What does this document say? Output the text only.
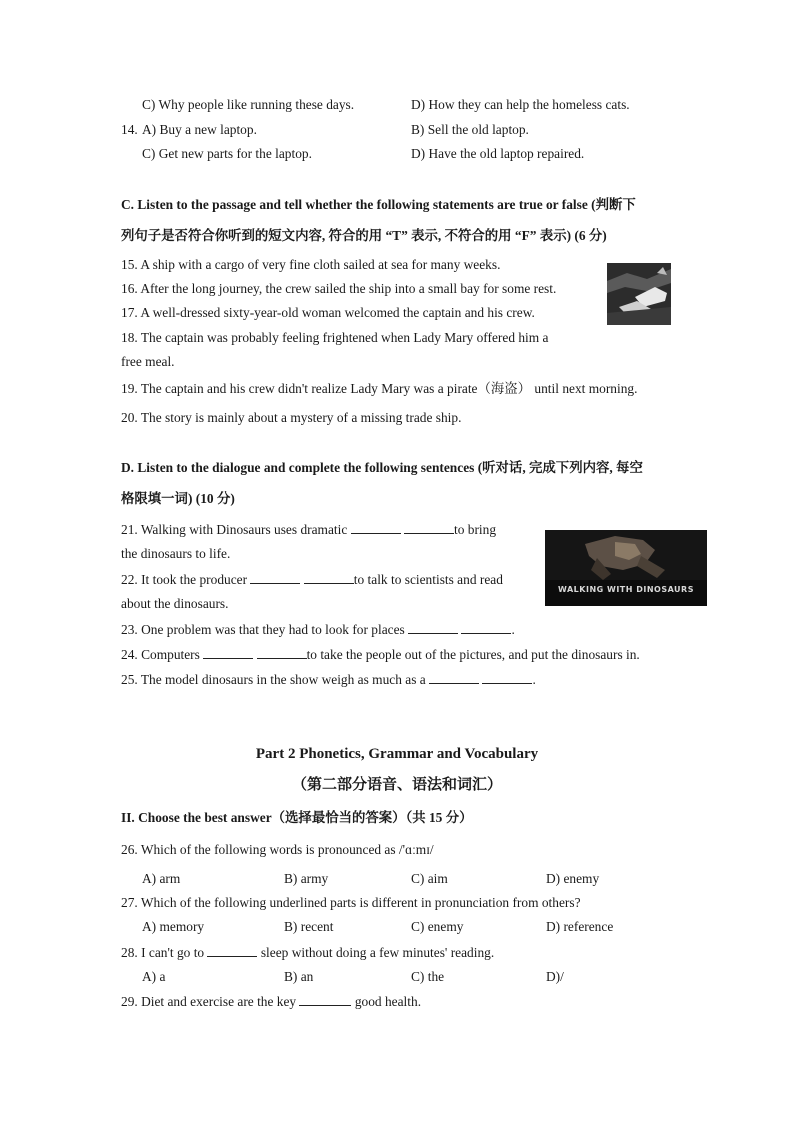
C) Why people like running these days.	D) How they can help the homeless cats.
14. A) Buy a new laptop.	B) Sell the old laptop.
C) Get new parts for the laptop.	D) Have the old laptop repaired.
C. Listen to the passage and tell whether the following statements are true or false (判断下
列句子是否符合你听到的短文内容, 符合的用 “T” 表示, 不符合的用 “F” 表示) (6 分)
15. A ship with a cargo of very fine cloth sailed at sea for many weeks.
16. After the long journey, the crew sailed the ship into a small bay for some rest.
17. A well-dressed sixty-year-old woman welcomed the captain and his crew.
18. The captain was probably feeling frightened when Lady Mary offered him a
free meal.
19. The captain and his crew didn't realize Lady Mary was a pirate（海盗） until next morning.
20. The story is mainly about a mystery of a missing trade ship.
D. Listen to the dialogue and complete the following sentences (听对话, 完成下列内容, 每空
格限填一词) (10 分)
21. Walking with Dinosaurs uses dramatic	to bring
the dinosaurs to life.
22. It took the producer	to talk to scientists and read
about the dinosaurs.
23. One problem was that they had to look for places	.
24. Computers	to take the people out of the pictures, and put the dinosaurs in.
25. The model dinosaurs in the show weigh as much as a	.
WALKING WITH DINOSAURS
Part 2 Phonetics, Grammar and Vocabulary
（第二部分语音、语法和词汇）
II. Choose the best answer（选择最恰当的答案）（共 15 分）
26. Which of the following words is pronounced as /'ɑːmɪ/
A) arm	B) army	C) aim	D) enemy
27. Which of the following underlined parts is different in pronunciation from others?
A) memory	B) recent	C) enemy	D) reference
28. I can't go to	sleep without doing a few minutes' reading.
A) a	B) an	C) the	D)/
29. Diet and exercise are the key	good health.
